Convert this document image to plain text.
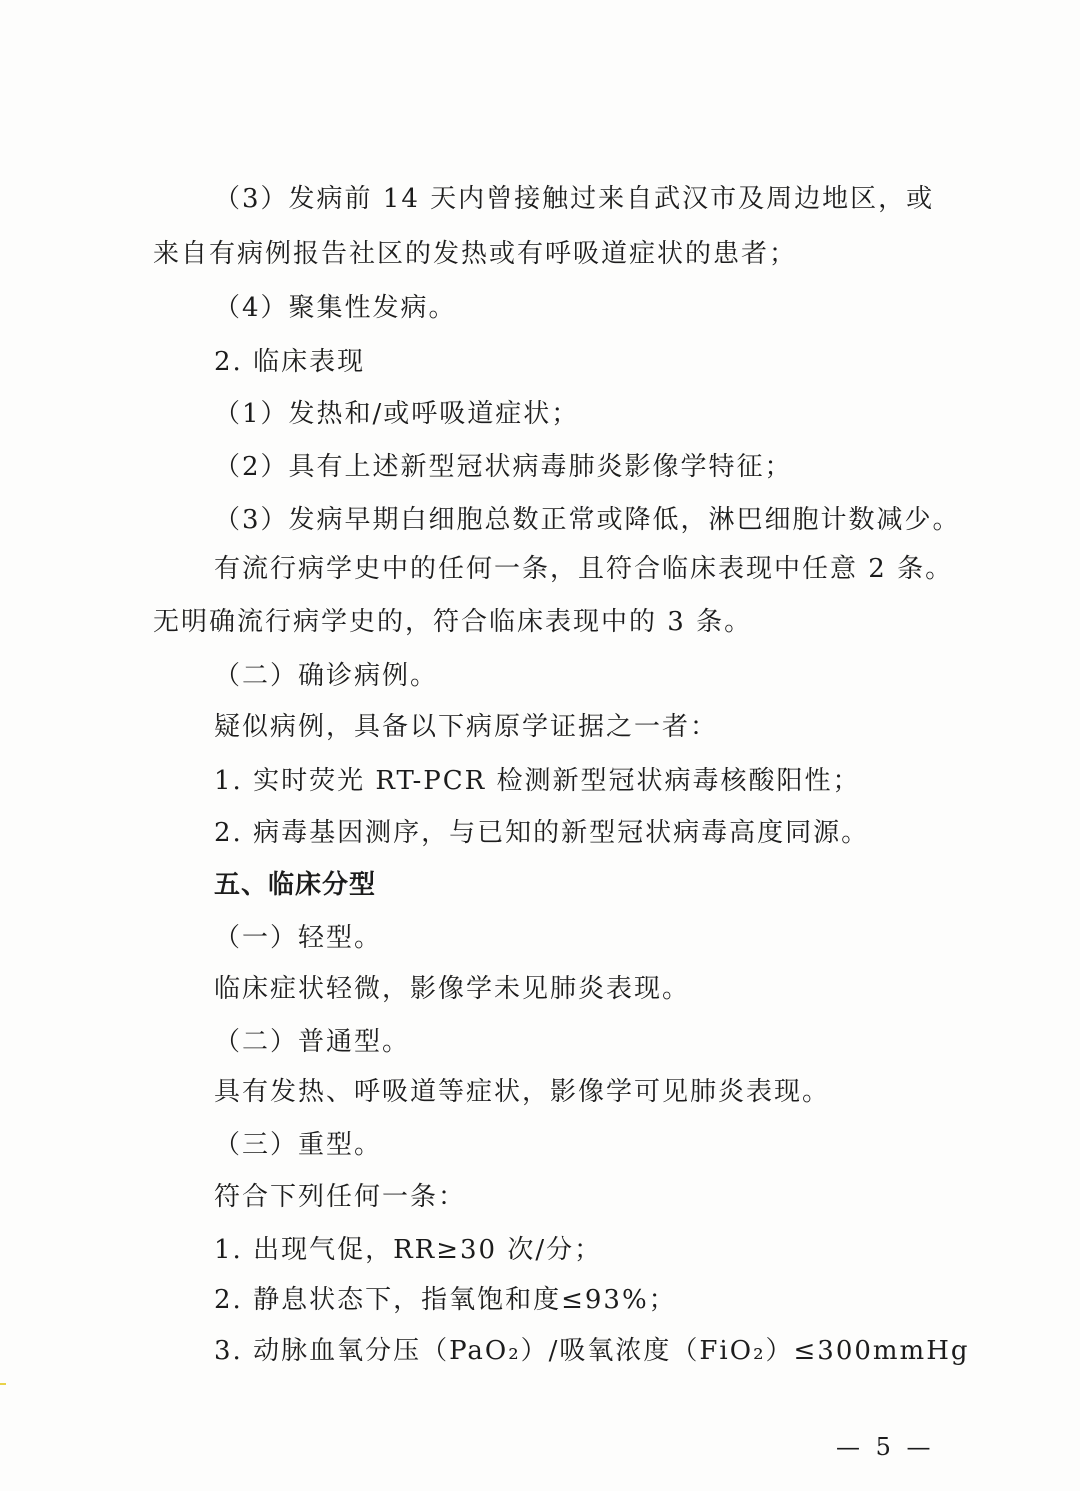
（3）发病前 14 天内曾接触过来自武汉市及周边地区，或
来自有病例报告社区的发热或有呼吸道症状的患者；
（4）聚集性发病。
2. 临床表现
（1）发热和/或呼吸道症状；
（2）具有上述新型冠状病毒肺炎影像学特征；
（3）发病早期白细胞总数正常或降低，淋巴细胞计数减少。
有流行病学史中的任何一条，且符合临床表现中任意 2 条。
无明确流行病学史的，符合临床表现中的 3 条。
（二）确诊病例。
疑似病例，具备以下病原学证据之一者：
1. 实时荧光 RT-PCR 检测新型冠状病毒核酸阳性；
2. 病毒基因测序，与已知的新型冠状病毒高度同源。
五、临床分型
（一）轻型。
临床症状轻微，影像学未见肺炎表现。
（二）普通型。
具有发热、呼吸道等症状，影像学可见肺炎表现。
（三）重型。
符合下列任何一条：
1. 出现气促，RR≥30 次/分；
2. 静息状态下，指氧饱和度≤93%；
3. 动脉血氧分压（PaO₂）/吸氧浓度（FiO₂）≤300mmHg
— 5 —
